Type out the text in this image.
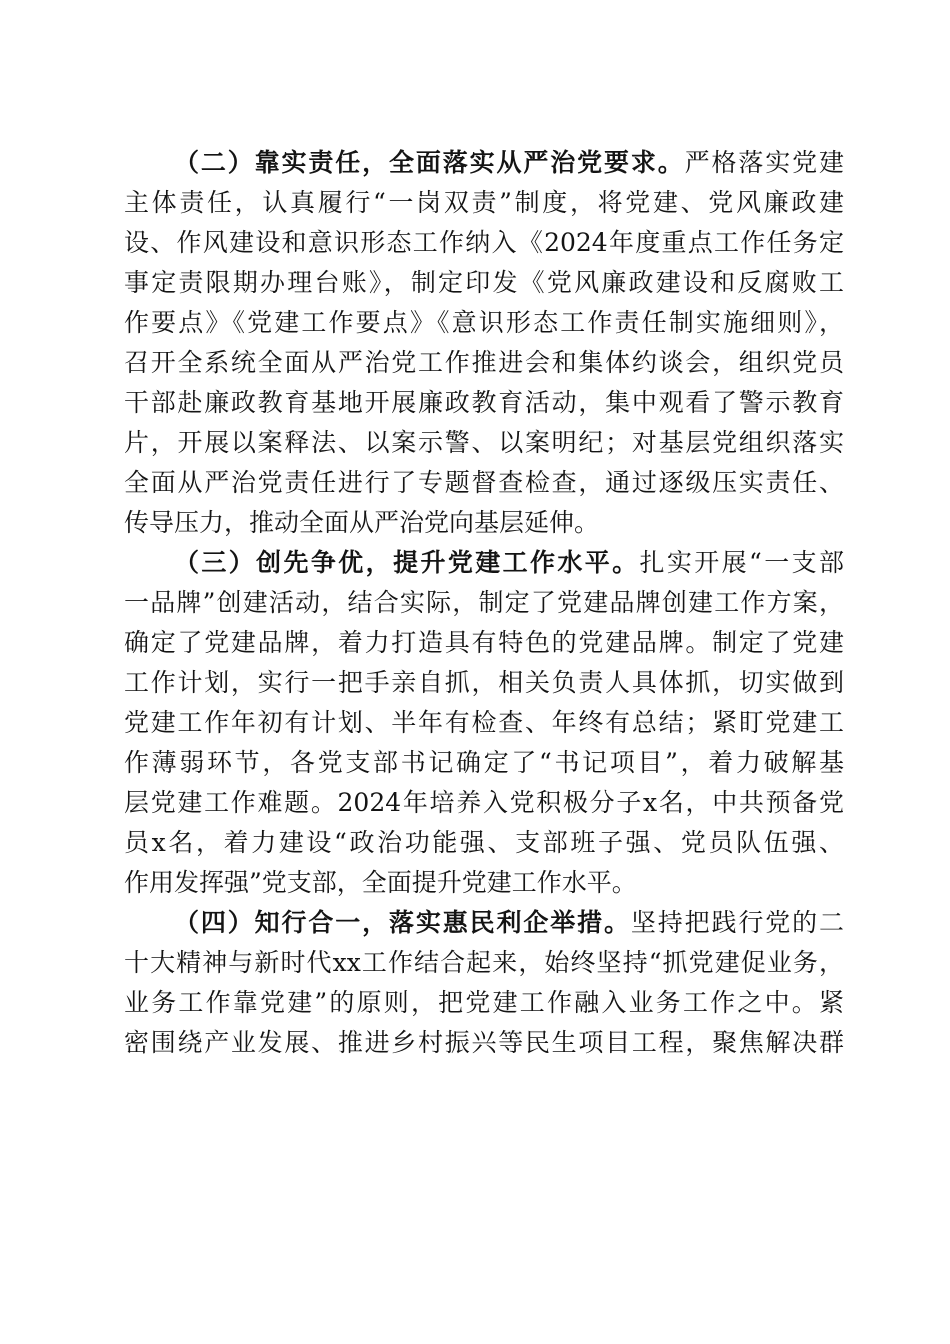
（二）靠实责任，全面落实从严治党要求。严格落实党建
主体责任，认真履行“一岗双责”制度，将党建、党风廉政建
设、作风建设和意识形态工作纳入《2024年度重点工作任务定
事定责限期办理台账》，制定印发《党风廉政建设和反腐败工
作要点》《党建工作要点》《意识形态工作责任制实施细则》，
召开全系统全面从严治党工作推进会和集体约谈会，组织党员
干部赴廉政教育基地开展廉政教育活动，集中观看了警示教育
片，开展以案释法、以案示警、以案明纪；对基层党组织落实
全面从严治党责任进行了专题督查检查，通过逐级压实责任、
传导压力，推动全面从严治党向基层延伸。
（三）创先争优，提升党建工作水平。扎实开展“一支部
一品牌”创建活动，结合实际，制定了党建品牌创建工作方案，
确定了党建品牌，着力打造具有特色的党建品牌。制定了党建
工作计划，实行一把手亲自抓，相关负责人具体抓，切实做到
党建工作年初有计划、半年有检查、年终有总结；紧盯党建工
作薄弱环节，各党支部书记确定了“书记项目”，着力破解基
层党建工作难题。2024年培养入党积极分子x名，中共预备党
员x名，着力建设“政治功能强、支部班子强、党员队伍强、
作用发挥强”党支部，全面提升党建工作水平。
（四）知行合一，落实惠民利企举措。坚持把践行党的二
十大精神与新时代xx工作结合起来，始终坚持“抓党建促业务，
业务工作靠党建”的原则，把党建工作融入业务工作之中。紧
密围绕产业发展、推进乡村振兴等民生项目工程，聚焦解决群
